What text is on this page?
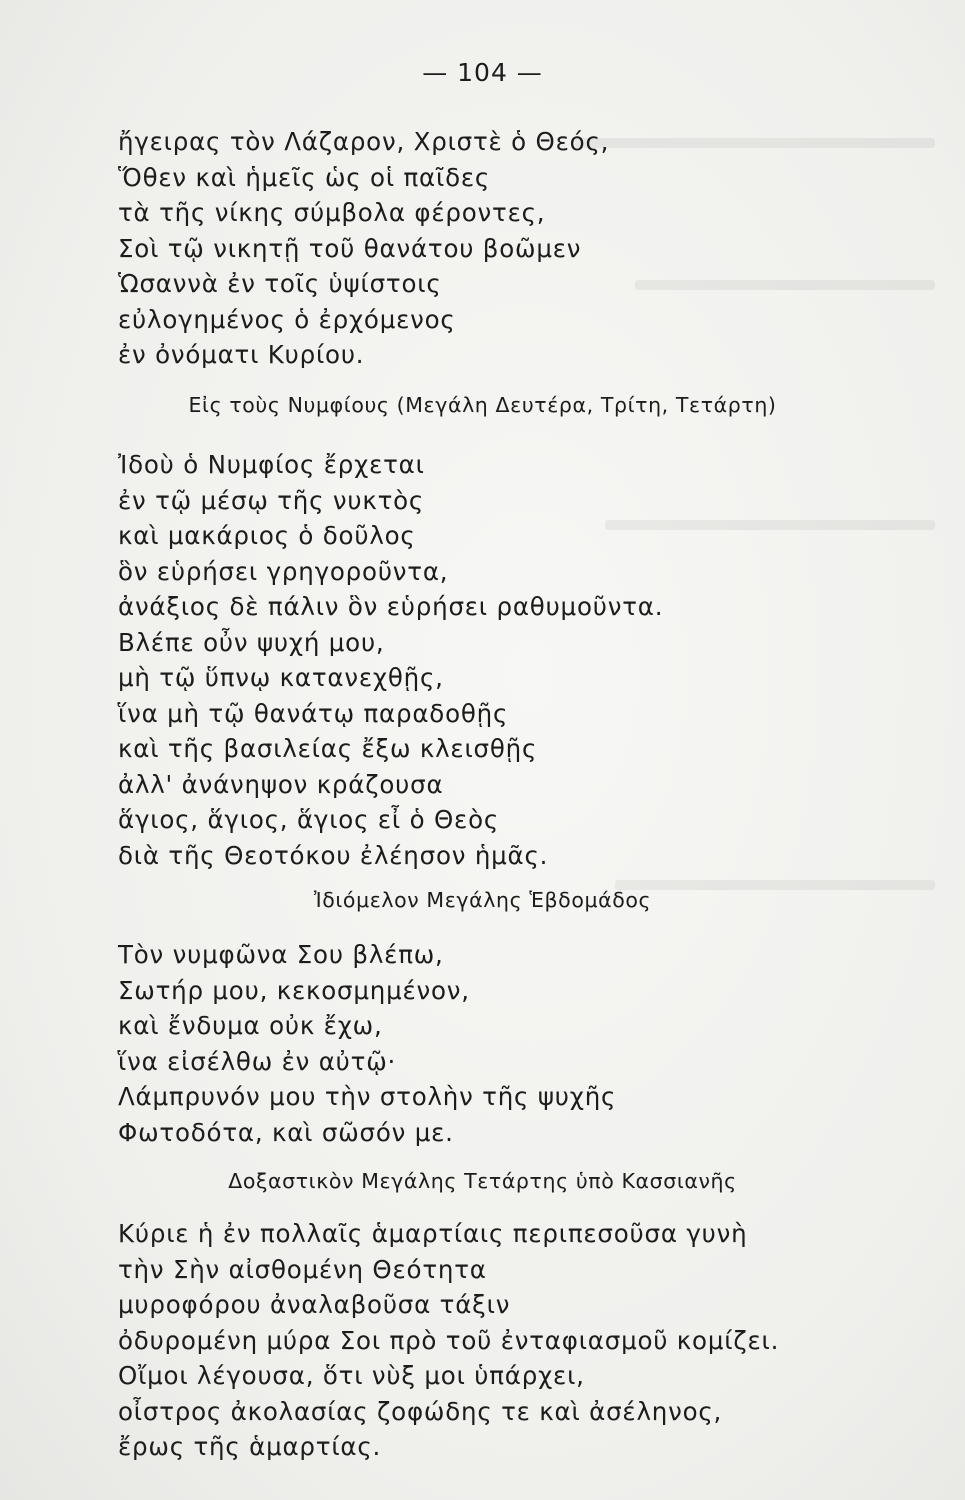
— 104 —
ἤγειρας τὸν Λάζαρον, Χριστὲ ὁ Θεός,
Ὅθεν καὶ ἡμεῖς ὡς οἱ παῖδες
τὰ τῆς νίκης σύμβολα φέροντες,
Σοὶ τῷ νικητῇ τοῦ θανάτου βοῶμεν
Ὡσαννὰ ἐν τοῖς ὑψίστοις
εὐλογημένος ὁ ἐρχόμενος
ἐν ὀνόματι Κυρίου.
Εἰς τοὺς Νυμφίους (Μεγάλη Δευτέρα, Τρίτη, Τετάρτη)
Ἰδοὺ ὁ Νυμφίος ἔρχεται
ἐν τῷ μέσῳ τῆς νυκτὸς
καὶ μακάριος ὁ δοῦλος
ὃν εὑρήσει γρηγοροῦντα,
ἀνάξιος δὲ πάλιν ὃν εὑρήσει ραθυμοῦντα.
Βλέπε οὖν ψυχή μου,
μὴ τῷ ὕπνῳ κατανεχθῇς,
ἵνα μὴ τῷ θανάτῳ παραδοθῇς
καὶ τῆς βασιλείας ἔξω κλεισθῇς
ἀλλ' ἀνάνηψον κράζουσα
ἅγιος, ἅγιος, ἅγιος εἶ ὁ Θεὸς
διὰ τῆς Θεοτόκου ἐλέησον ἡμᾶς.
Ἰδιόμελον Μεγάλης Ἑβδομάδος
Τὸν νυμφῶνα Σου βλέπω,
Σωτήρ μου, κεκοσμημένον,
καὶ ἔνδυμα οὐκ ἔχω,
ἵνα εἰσέλθω ἐν αὐτῷ·
Λάμπρυνόν μου τὴν στολὴν τῆς ψυχῆς
Φωτοδότα, καὶ σῶσόν με.
Δοξαστικὸν Μεγάλης Τετάρτης ὑπὸ Κασσιανῆς
Κύριε ἡ ἐν πολλαῖς ἁμαρτίαις περιπεσοῦσα γυνὴ
τὴν Σὴν αἰσθομένη Θεότητα
μυροφόρου ἀναλαβοῦσα τάξιν
ὀδυρομένη μύρα Σοι πρὸ τοῦ ἐνταφιασμοῦ κομίζει.
Οἴμοι λέγουσα, ὅτι νὺξ μοι ὑπάρχει,
οἶστρος ἀκολασίας ζοφώδης τε καὶ ἀσέληνος,
ἔρως τῆς ἁμαρτίας.
